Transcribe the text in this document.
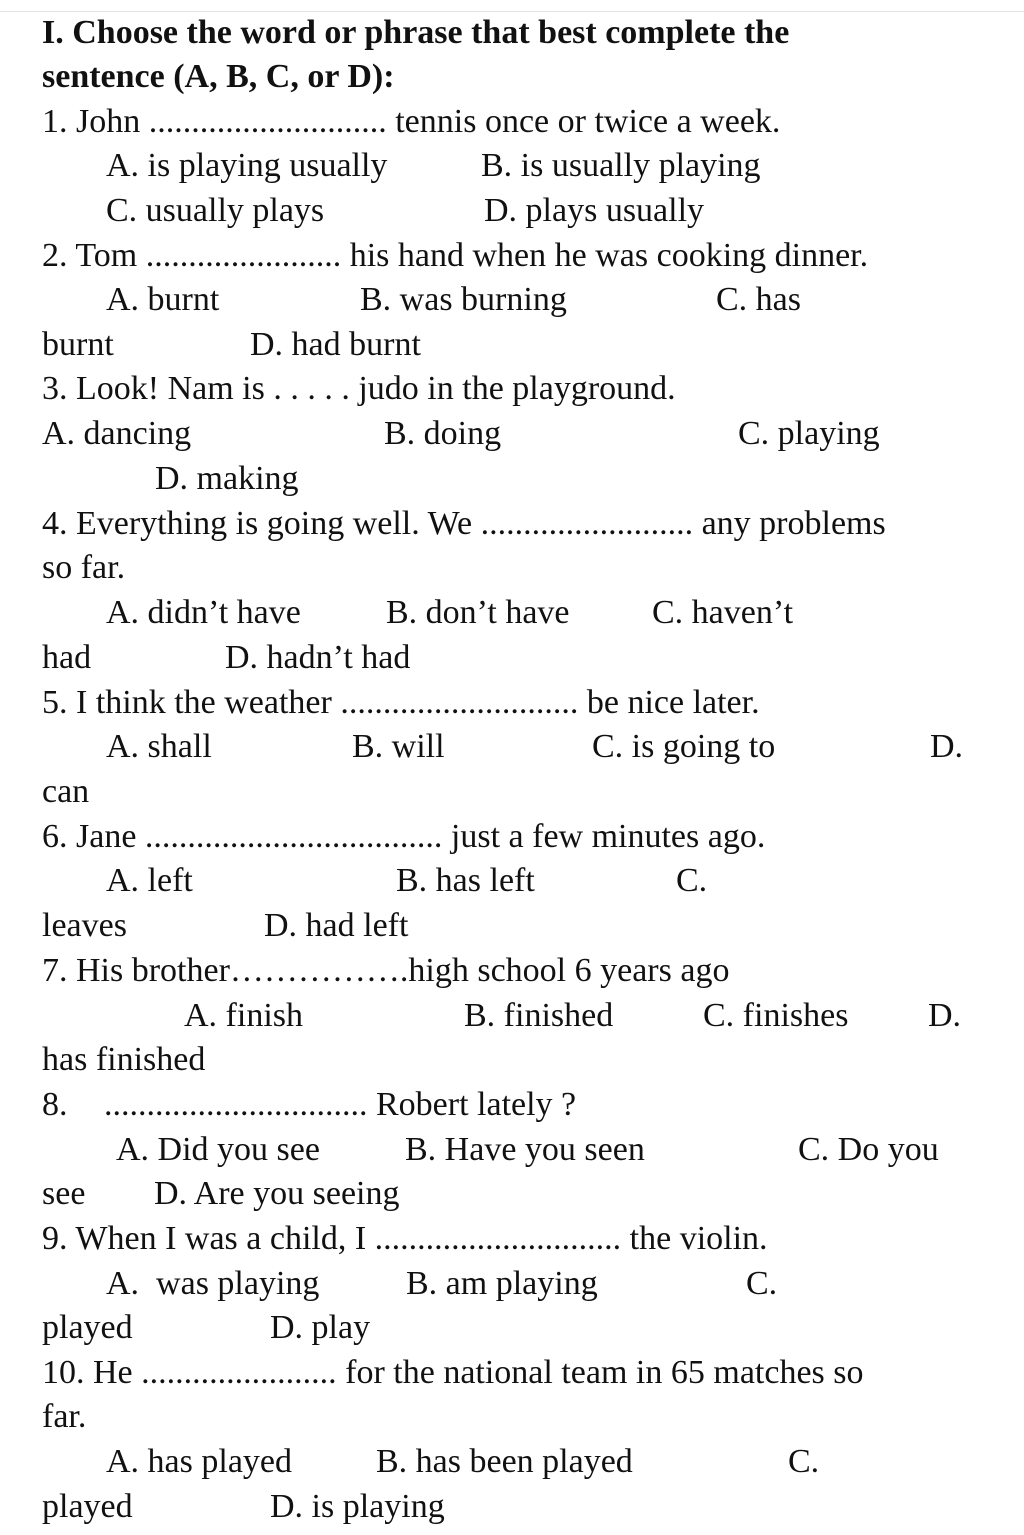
I. Choose the word or phrase that best complete the
sentence (A, B, C, or D):
1. John ............................ tennis once or twice a week.
A. is playing usually	B. is usually playing
C. usually plays	D. plays usually
2. Tom ....................... his hand when he was cooking dinner.
A. burnt	B. was burning	C. has
burnt	D. had burnt
3. Look! Nam is . . . . . judo in the playground.
A. dancing	B. doing	C. playing
D. making
4. Everything is going well. We ......................... any problems
so far.
A. didn’t have	B. don’t have C. haven’t
had	D. hadn’t had
5. I think the weather ............................ be nice later.
A. shall	B. will	C. is going to	D.
can
6. Jane ................................... just a few minutes ago.
A. left	B. has left	C.
leaves	D. had left
7. His brother…………….high school 6 years ago
A. finish	B. finished	C. finishes D.
has finished
8. ............................... Robert lately ?
A. Did you see	B. Have you seen	C. Do you
see D. Are you seeing
9. When I was a child, I ............................. the violin.
A.  was playing	B. am playing	C.
played	D. play
10. He ....................... for the national team in 65 matches so
far.
A. has played B. has been played	C.
played	D. is playing
